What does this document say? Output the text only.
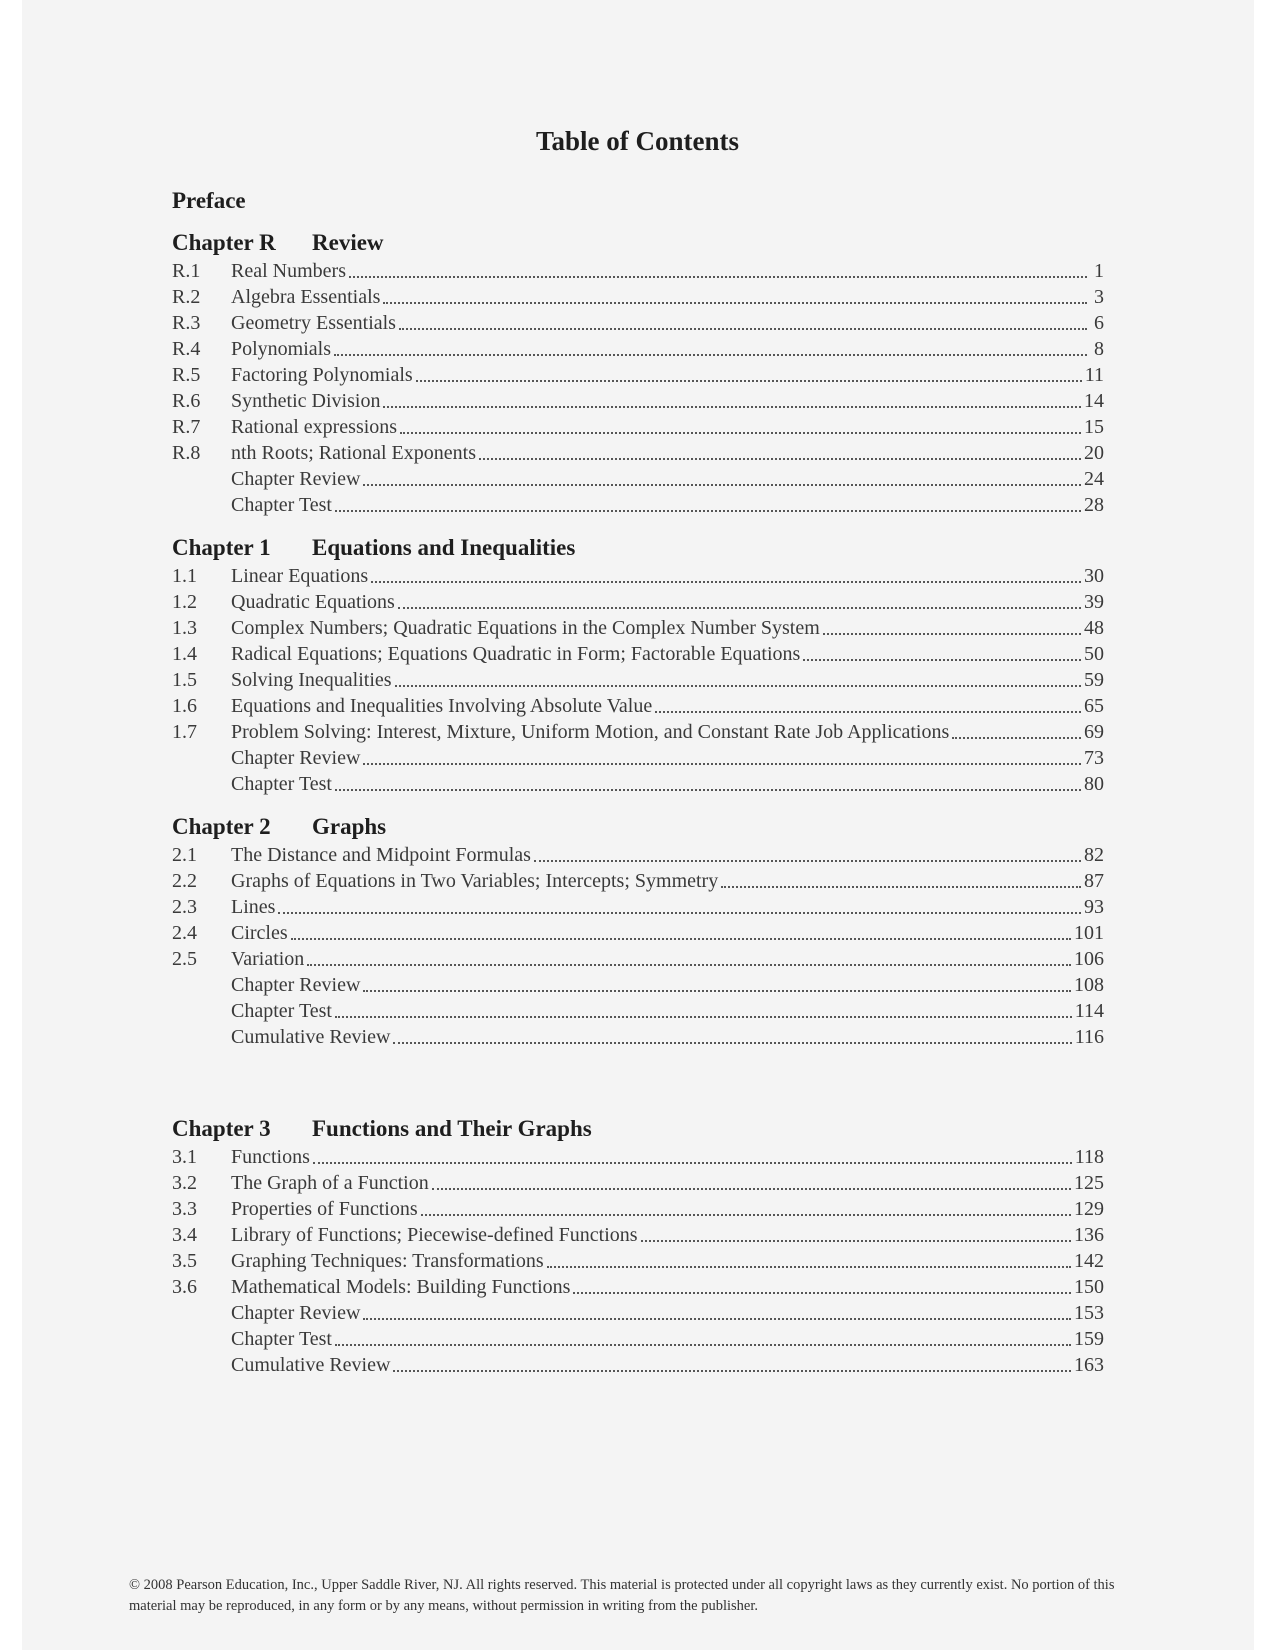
Table of Contents
Preface
Chapter R Review
R.1	Real Numbers	1
R.2	Algebra Essentials	3
R.3	Geometry Essentials	6
R.4	Polynomials	8
R.5	Factoring Polynomials	11
R.6	Synthetic Division	14
R.7	Rational expressions	15
R.8	nth Roots; Rational Exponents	20
Chapter Review	24
Chapter Test	28
Chapter 1 Equations and Inequalities
1.1	Linear Equations	30
1.2	Quadratic Equations	39
1.3	Complex Numbers; Quadratic Equations in the Complex Number System	48
1.4	Radical Equations; Equations Quadratic in Form; Factorable Equations	50
1.5	Solving Inequalities	59
1.6	Equations and Inequalities Involving Absolute Value	65
1.7	Problem Solving: Interest, Mixture, Uniform Motion, and Constant Rate Job Applications	69
Chapter Review	73
Chapter Test	80
Chapter 2 Graphs
2.1	The Distance and Midpoint Formulas	82
2.2	Graphs of Equations in Two Variables; Intercepts; Symmetry	87
2.3	Lines	93
2.4	Circles	101
2.5	Variation	106
Chapter Review	108
Chapter Test	114
Cumulative Review	116
Chapter 3 Functions and Their Graphs
3.1	Functions	118
3.2	The Graph of a Function	125
3.3	Properties of Functions	129
3.4	Library of Functions; Piecewise-defined Functions	136
3.5	Graphing Techniques: Transformations	142
3.6	Mathematical Models: Building Functions	150
Chapter Review	153
Chapter Test	159
Cumulative Review	163
© 2008 Pearson Education, Inc., Upper Saddle River, NJ. All rights reserved. This material is protected under all copyright laws as they currently exist. No portion of this material may be reproduced, in any form or by any means, without permission in writing from the publisher.
